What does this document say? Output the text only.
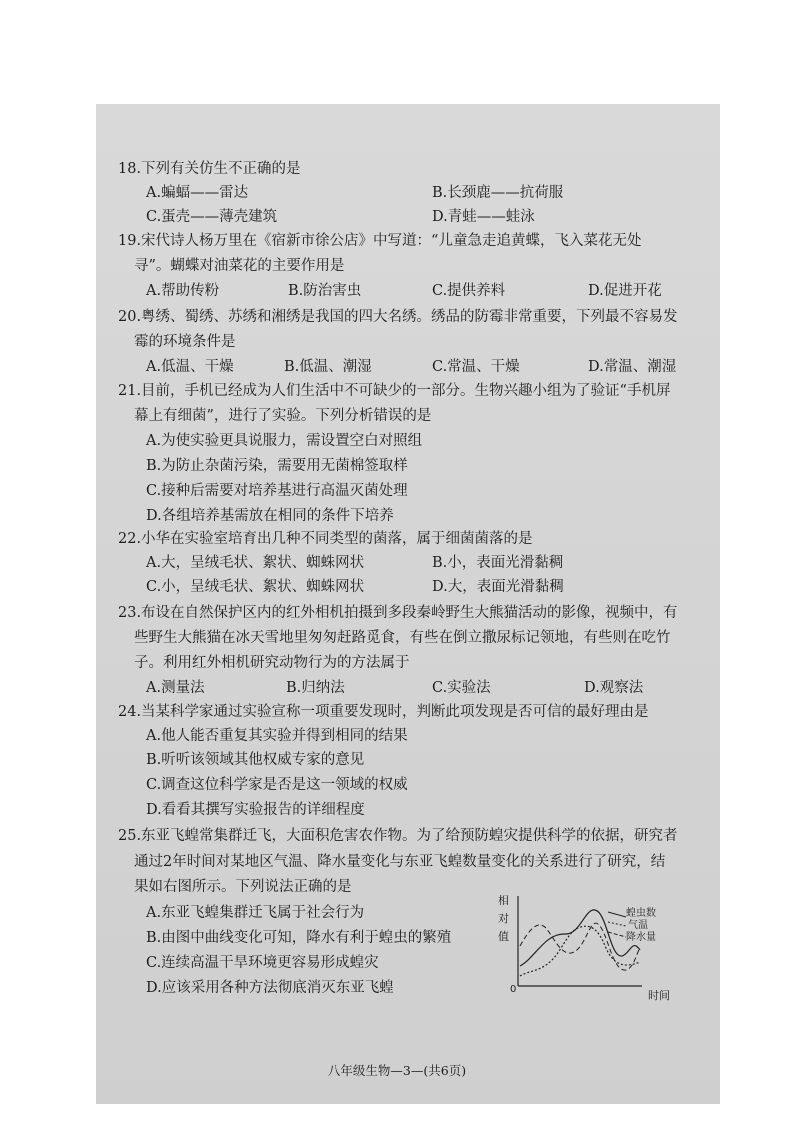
18.下列有关仿生不正确的是
A.蝙蝠——雷达	B.长颈鹿——抗荷服
C.蛋壳——薄壳建筑	D.青蛙——蛙泳
19.宋代诗人杨万里在《宿新市徐公店》中写道：“儿童急走追黄蝶，飞入菜花无处
寻”。蝴蝶对油菜花的主要作用是
A.帮助传粉	B.防治害虫	C.提供养料	D.促进开花
20.粤绣、蜀绣、苏绣和湘绣是我国的四大名绣。绣品的防霉非常重要，下列最不容易发
霉的环境条件是
A.低温、干燥	B.低温、潮湿	C.常温、干燥	D.常温、潮湿
21.目前，手机已经成为人们生活中不可缺少的一部分。生物兴趣小组为了验证“手机屏
幕上有细菌”，进行了实验。下列分析错误的是
A.为使实验更具说服力，需设置空白对照组
B.为防止杂菌污染，需要用无菌棉签取样
C.接种后需要对培养基进行高温灭菌处理
D.各组培养基需放在相同的条件下培养
22.小华在实验室培育出几种不同类型的菌落，属于细菌菌落的是
A.大，呈绒毛状、絮状、蜘蛛网状	B.小，表面光滑黏稠
C.小，呈绒毛状、絮状、蜘蛛网状	D.大，表面光滑黏稠
23.布设在自然保护区内的红外相机拍摄到多段秦岭野生大熊猫活动的影像，视频中，有
些野生大熊猫在冰天雪地里匆匆赶路觅食，有些在倒立撒尿标记领地，有些则在吃竹
子。利用红外相机研究动物行为的方法属于
A.测量法	B.归纳法	C.实验法	D.观察法
24.当某科学家通过实验宣称一项重要发现时，判断此项发现是否可信的最好理由是
A.他人能否重复其实验并得到相同的结果
B.听听该领域其他权威专家的意见
C.调查这位科学家是否是这一领域的权威
D.看看其撰写实验报告的详细程度
25.东亚飞蝗常集群迁飞，大面积危害农作物。为了给预防蝗灾提供科学的依据，研究者
通过2年时间对某地区气温、降水量变化与东亚飞蝗数量变化的关系进行了研究，结
果如右图所示。下列说法正确的是
A.东亚飞蝗集群迁飞属于社会行为
B.由图中曲线变化可知，降水有利于蝗虫的繁殖
C.连续高温干旱环境更容易形成蝗灾
D.应该采用各种方法彻底消灭东亚飞蝗
相
对
值
0	时间
蝗虫数
气温
降水量
八年级生物—3—(共6页)
